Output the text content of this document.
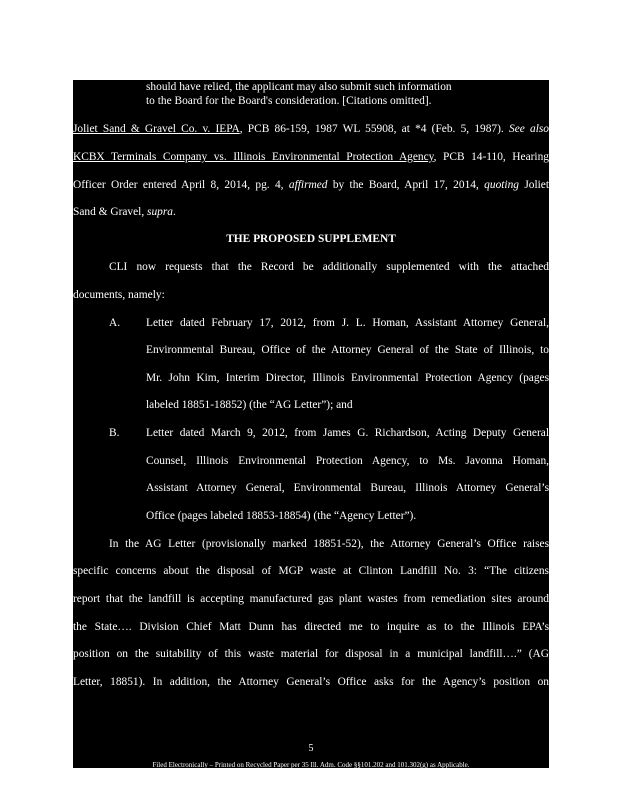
should have relied, the applicant may also submit such information
to the Board for the Board's consideration. [Citations omitted].
Joliet Sand & Gravel Co. v. IEPA, PCB 86-159, 1987 WL 55908, at *4 (Feb. 5, 1987). See also
KCBX Terminals Company vs. Illinois Environmental Protection Agency, PCB 14-110, Hearing
Officer Order entered April 8, 2014, pg. 4, affirmed by the Board, April 17, 2014, quoting Joliet
Sand & Gravel, supra.
THE PROPOSED SUPPLEMENT
CLI now requests that the Record be additionally supplemented with the attached
documents, namely:
A. Letter dated February 17, 2012, from J. L. Homan, Assistant Attorney General,
Environmental Bureau, Office of the Attorney General of the State of Illinois, to
Mr. John Kim, Interim Director, Illinois Environmental Protection Agency (pages
labeled 18851-18852) (the “AG Letter”); and
B. Letter dated March 9, 2012, from James G. Richardson, Acting Deputy General
Counsel, Illinois Environmental Protection Agency, to Ms. Javonna Homan,
Assistant Attorney General, Environmental Bureau, Illinois Attorney General’s
Office (pages labeled 18853-18854) (the “Agency Letter”).
In the AG Letter (provisionally marked 18851-52), the Attorney General’s Office raises
specific concerns about the disposal of MGP waste at Clinton Landfill No. 3: “The citizens
report that the landfill is accepting manufactured gas plant wastes from remediation sites around
the State…. Division Chief Matt Dunn has directed me to inquire as to the Illinois EPA’s
position on the suitability of this waste material for disposal in a municipal landfill….” (AG
Letter, 18851). In addition, the Attorney General’s Office asks for the Agency’s position on
5
Filed Electronically – Printed on Recycled Paper per 35 Ill. Adm. Code §§101.202 and 101.302(g) as Applicable.
